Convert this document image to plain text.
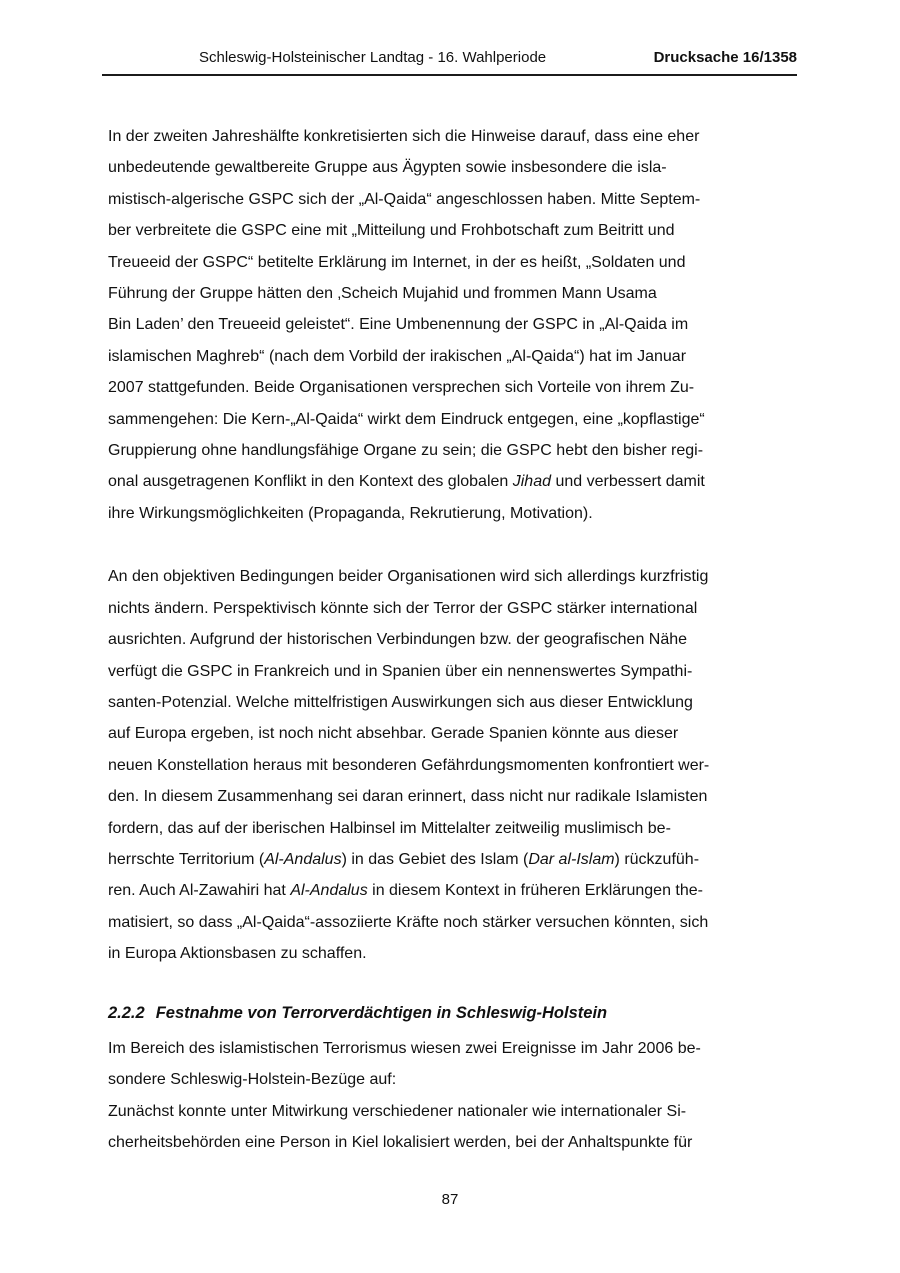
Schleswig-Holsteinischer Landtag - 16. Wahlperiode	Drucksache 16/1358
In der zweiten Jahreshälfte konkretisierten sich die Hinweise darauf, dass eine eher
unbedeutende gewaltbereite Gruppe aus Ägypten sowie insbesondere die isla-
mistisch-algerische GSPC sich der „Al-Qaida“ angeschlossen haben. Mitte Septem-
ber verbreitete die GSPC eine mit „Mitteilung und Frohbotschaft zum Beitritt und
Treueeid der GSPC“ betitelte Erklärung im Internet, in der es heißt, „Soldaten und
Führung der Gruppe hätten den ‚Scheich Mujahid und frommen Mann Usama
Bin Laden’ den Treueeid geleistet“. Eine Umbenennung der GSPC in „Al-Qaida im
islamischen Maghreb“ (nach dem Vorbild der irakischen „Al-Qaida“) hat im Januar
2007 stattgefunden. Beide Organisationen versprechen sich Vorteile von ihrem Zu-
sammengehen: Die Kern-„Al-Qaida“ wirkt dem Eindruck entgegen, eine „kopflastige“
Gruppierung ohne handlungsfähige Organe zu sein; die GSPC hebt den bisher regi-
onal ausgetragenen Konflikt in den Kontext des globalen Jihad und verbessert damit
ihre Wirkungsmöglichkeiten (Propaganda, Rekrutierung, Motivation).
An den objektiven Bedingungen beider Organisationen wird sich allerdings kurzfristig
nichts ändern. Perspektivisch könnte sich der Terror der GSPC stärker international
ausrichten. Aufgrund der historischen Verbindungen bzw. der geografischen Nähe
verfügt die GSPC in Frankreich und in Spanien über ein nennenswertes Sympathi-
santen-Potenzial. Welche mittelfristigen Auswirkungen sich aus dieser Entwicklung
auf Europa ergeben, ist noch nicht absehbar. Gerade Spanien könnte aus dieser
neuen Konstellation heraus mit besonderen Gefährdungsmomenten konfrontiert wer-
den. In diesem Zusammenhang sei daran erinnert, dass nicht nur radikale Islamisten
fordern, das auf der iberischen Halbinsel im Mittelalter zeitweilig muslimisch be-
herrschte Territorium (Al-Andalus) in das Gebiet des Islam (Dar al-Islam) rückzufüh-
ren. Auch Al-Zawahiri hat Al-Andalus in diesem Kontext in früheren Erklärungen the-
matisiert, so dass „Al-Qaida“-assoziierte Kräfte noch stärker versuchen könnten, sich
in Europa Aktionsbasen zu schaffen.
2.2.2 Festnahme von Terrorverdächtigen in Schleswig-Holstein
Im Bereich des islamistischen Terrorismus wiesen zwei Ereignisse im Jahr 2006 be-
sondere Schleswig-Holstein-Bezüge auf:
Zunächst konnte unter Mitwirkung verschiedener nationaler wie internationaler Si-
cherheitsbehörden eine Person in Kiel lokalisiert werden, bei der Anhaltspunkte für
87
